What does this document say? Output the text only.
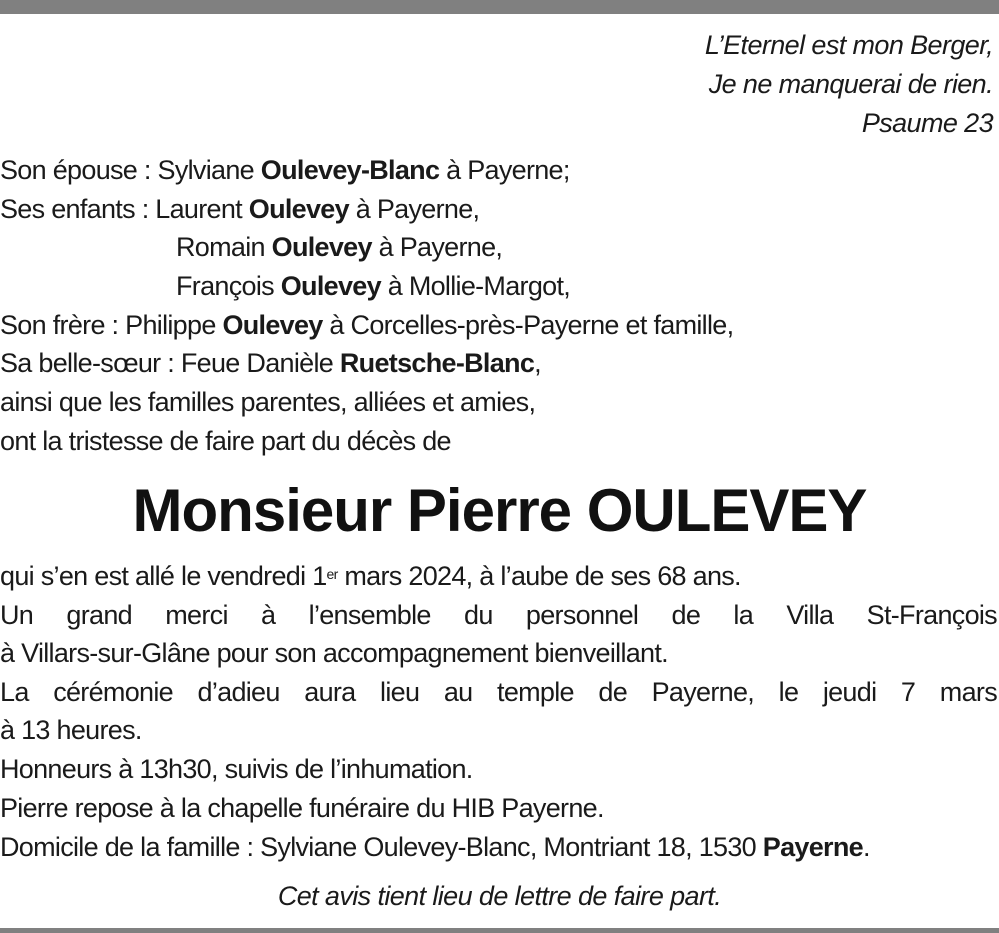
L’Eternel est mon Berger,
Je ne manquerai de rien.
Psaume 23
Son épouse : Sylviane Oulevey-Blanc à Payerne;
Ses enfants : Laurent Oulevey à Payerne,
Romain Oulevey à Payerne,
François Oulevey à Mollie-Margot,
Son frère : Philippe Oulevey à Corcelles-près-Payerne et famille,
Sa belle-sœur : Feue Danièle Ruetsche-Blanc,
ainsi que les familles parentes, alliées et amies,
ont la tristesse de faire part du décès de
Monsieur Pierre OULEVEY
qui s’en est allé le vendredi 1er mars 2024, à l’aube de ses 68 ans.
Un grand merci à l’ensemble du personnel de la Villa St-François
à Villars-sur-Glâne pour son accompagnement bienveillant.
La cérémonie d’adieu aura lieu au temple de Payerne, le jeudi 7 mars
à 13 heures.
Honneurs à 13h30, suivis de l’inhumation.
Pierre repose à la chapelle funéraire du HIB Payerne.
Domicile de la famille : Sylviane Oulevey-Blanc, Montriant 18, 1530 Payerne.
Cet avis tient lieu de lettre de faire part.
